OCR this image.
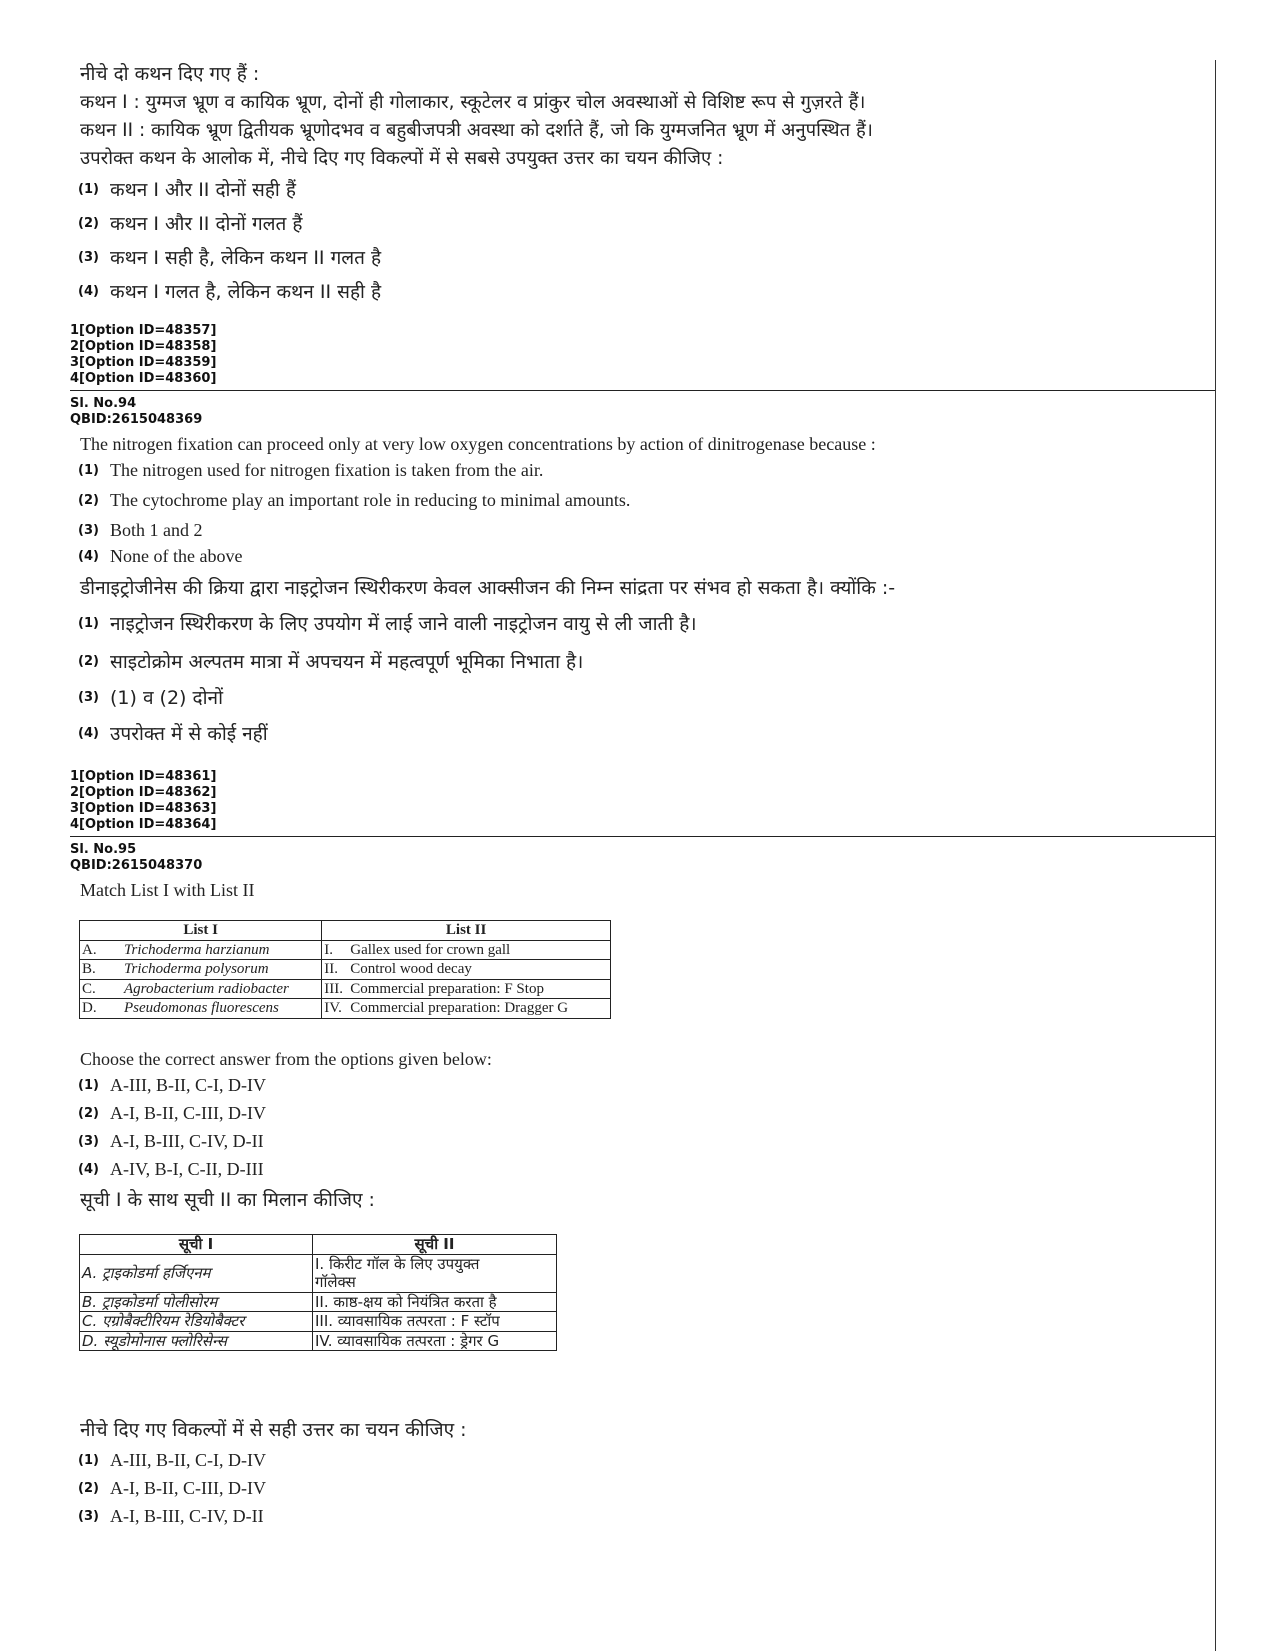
नीचे दो कथन दिए गए हैं :
कथन I : युग्मज भ्रूण व कायिक भ्रूण, दोनों ही गोलाकार, स्कूटेलर व प्रांकुर चोल अवस्थाओं से विशिष्ट रूप से गुज़रते हैं।
कथन II : कायिक भ्रूण द्वितीयक भ्रूणोदभव व बहुबीजपत्री अवस्था को दर्शाते हैं, जो कि युग्मजनित भ्रूण में अनुपस्थित हैं।
उपरोक्त कथन के आलोक में, नीचे दिए गए विकल्पों में से सबसे उपयुक्त उत्तर का चयन कीजिए :
(1) कथन I और II दोनों सही हैं
(2) कथन I और II दोनों गलत हैं
(3) कथन I सही है, लेकिन कथन II गलत है
(4) कथन I गलत है, लेकिन कथन II सही है
1[Option ID=48357]
2[Option ID=48358]
3[Option ID=48359]
4[Option ID=48360]
Sl. No.94
QBID:2615048369
The nitrogen fixation can proceed only at very low oxygen concentrations by action of dinitrogenase because :
(1) The nitrogen used for nitrogen fixation is taken from the air.
(2) The cytochrome play an important role in reducing to minimal amounts.
(3) Both 1 and 2
(4) None of the above
डीनाइट्रोजीनेस की क्रिया द्वारा नाइट्रोजन स्थिरीकरण केवल आक्सीजन की निम्न सांद्रता पर संभव हो सकता है। क्योंकि :-
(1) नाइट्रोजन स्थिरीकरण के लिए उपयोग में लाई जाने वाली नाइट्रोजन वायु से ली जाती है।
(2) साइटोक्रोम अल्पतम मात्रा में अपचयन में महत्वपूर्ण भूमिका निभाता है।
(3) (1) व (2) दोनों
(4) उपरोक्त में से कोई नहीं
1[Option ID=48361]
2[Option ID=48362]
3[Option ID=48363]
4[Option ID=48364]
Sl. No.95
QBID:2615048370
Match List I with List II
List I		List II	
A.	Trichoderma harzianum	I.	Gallex used for crown gall
B.	Trichoderma polysorum	II.	Control wood decay
C.	Agrobacterium radiobacter	III.	Commercial preparation: F Stop
D.	Pseudomonas fluorescens	IV.	Commercial preparation: Dragger G
Choose the correct answer from the options given below:
(1) A-III, B-II, C-I, D-IV
(2) A-I, B-II, C-III, D-IV
(3) A-I, B-III, C-IV, D-II
(4) A-IV, B-I, C-II, D-III
सूची I के साथ सूची II का मिलान कीजिए :
सूची I	सूची II
A. ट्राइकोडर्मा हर्जिएनम	I. किरीट गॉल के लिए उपयुक्त
गॉलेक्स

B. ट्राइकोडर्मा पोलीसोरम	II. काष्ठ-क्षय को नियंत्रित करता है
C. एग्रोबैक्टीरियम रेडियोबैक्टर	III. व्यावसायिक तत्परता : F स्टॉप
D. स्यूडोमोनास फ्लोरिसेन्स	IV. व्यावसायिक तत्परता : ड्रेगर G
नीचे दिए गए विकल्पों में से सही उत्तर का चयन कीजिए :
(1) A-III, B-II, C-I, D-IV
(2) A-I, B-II, C-III, D-IV
(3) A-I, B-III, C-IV, D-II
